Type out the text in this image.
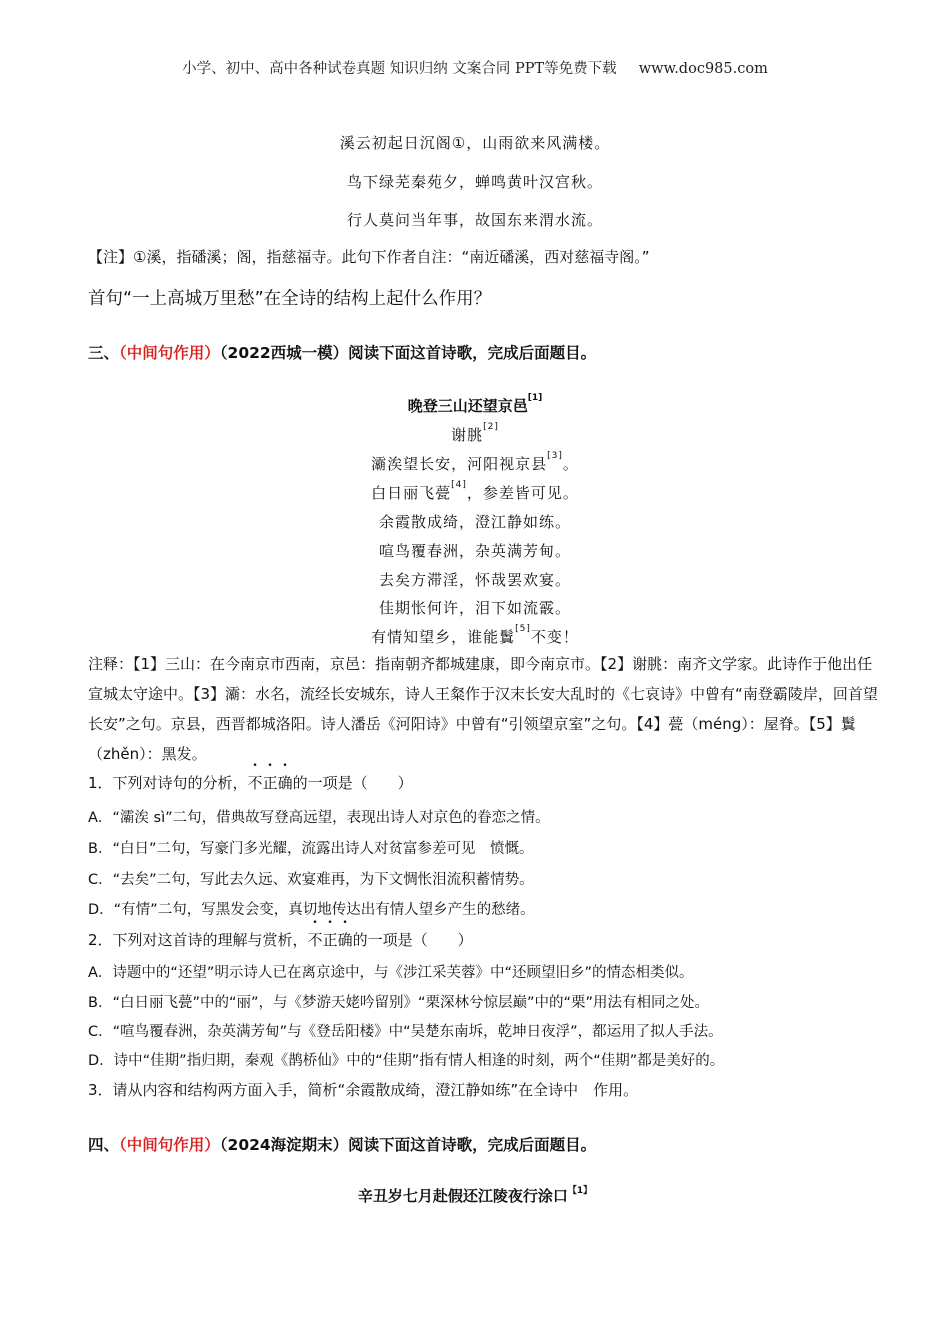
小学、初中、高中各种试卷真题 知识归纳 文案合同 PPT等免费下载 www.doc985.com
溪云初起日沉阁①，山雨欲来风满楼。
鸟下绿芜秦苑夕，蝉鸣黄叶汉宫秋。
行人莫问当年事，故国东来渭水流。
【注】①溪，指磻溪；阁，指慈福寺。此句下作者自注：“南近磻溪，西对慈福寺阁。”
首句“一上高城万里愁”在全诗的结构上起什么作用？
三、（中间句作用）（2022西城一模）阅读下面这首诗歌，完成后面题目。
晚登三山还望京邑[1]
谢朓[2]
灞涘望长安，河阳视京县[3]。
白日丽飞甍[4]，参差皆可见。
余霞散成绮，澄江静如练。
喧鸟覆春洲，杂英满芳甸。
去矣方滞淫，怀哉罢欢宴。
佳期怅何许，泪下如流霰。
有情知望乡，谁能鬒[5]不变！
注释：【1】三山：在今南京市西南，京邑：指南朝齐都城建康，即今南京市。【2】谢朓：南齐文学家。此诗作于他出任宣城太守途中。【3】灞：水名，流经长安城东，诗人王粲作于汉末长安大乱时的《七哀诗》中曾有“南登霸陵岸，回首望长安”之句。京县，西晋都城洛阳。诗人潘岳《河阳诗》中曾有“引领望京室”之句。【4】甍（méng）：屋脊。【5】鬒（zhěn）：黑发。
1．下列对诗句的分析，不正确的一项是（　　）
A．“灞涘 sì”二句，借典故写登高远望，表现出诗人对京色的眷恋之情。
B．“白日”二句，写豪门多光耀，流露出诗人对贫富参差可见　愤慨。
C．“去矣”二句，写此去久远、欢宴难再，为下文惆怅泪流积蓄情势。
D．“有情”二句，写黑发会变，真切地传达出有情人望乡产生的愁绪。
2．下列对这首诗的理解与赏析，不正确的一项是（　　）
A．诗题中的“还望”明示诗人已在离京途中，与《涉江采芙蓉》中“还顾望旧乡”的情态相类似。
B．“白日丽飞甍”中的“丽”，与《梦游天姥吟留别》“栗深林兮惊层巅”中的“栗”用法有相同之处。
C．“喧鸟覆春洲，杂英满芳甸”与《登岳阳楼》中“吴楚东南坼，乾坤日夜浮”，都运用了拟人手法。
D．诗中“佳期”指归期，秦观《鹊桥仙》中的“佳期”指有情人相逢的时刻，两个“佳期”都是美好的。
3．请从内容和结构两方面入手，简析“余霞散成绮，澄江静如练”在全诗中　作用。
四、（中间句作用）（2024海淀期末）阅读下面这首诗歌，完成后面题目。
辛丑岁七月赴假还江陵夜行涂口$^{【1】}$
